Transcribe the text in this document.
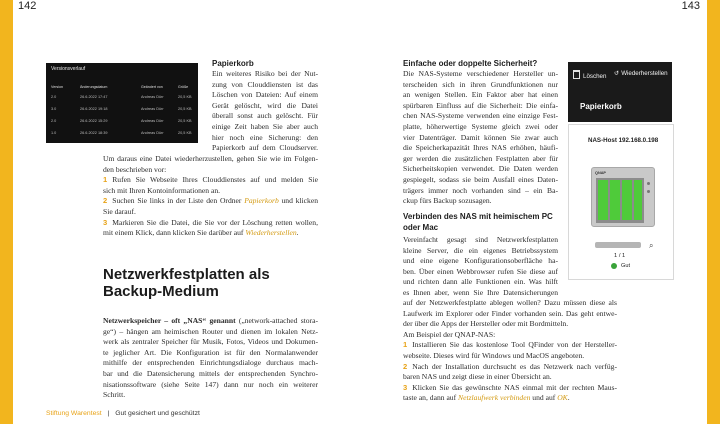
142
Versionsverlauf
Version	Änderungsdatum	Geändert von	Größe
2.0	26.6.2022 17:47	Andreas Dürr	20,5 KB
3.0	26.6.2022 19:18	Andreas Dürr	20,5 KB
2.0	26.6.2022 15:29	Andreas Dürr	20,5 KB
1.0	26.6.2022 18:39	Andreas Dürr	20,5 KB
Papierkorb

Ein weiteres Risiko bei der Nut-

zung von Clouddiensten ist das

Löschen von Dateien: Auf einem

Gerät gelöscht, wird die Datei

überall sonst auch gelöscht. Für

einige Zeit haben Sie aber auch

hier noch eine Sicherung: den

Papierkorb auf dem Cloudserver.

Um daraus eine Datei wiederherzustellen, gehen Sie wie im Folgen-

den beschrieben vor:

1 Rufen Sie Webseite Ihres Clouddienstes auf und melden Sie

sich mit Ihren Kontoinformationen an.

2 Suchen Sie links in der Liste den Ordner Papierkorb und klicken

Sie darauf.

3 Markieren Sie die Datei, die Sie vor der Löschung retten wollen,

mit einem Klick, dann klicken Sie darüber auf Wiederherstellen.

Netzwerkfestplatten als
Backup-Medium

Netzwerkspeicher – oft „NAS“ genannt („network-attached stora-

ge“) – hängen am heimischen Router und dienen im lokalen Netz-

werk als zentraler Speicher für Musik, Fotos, Videos und Dokumen-

te jeglicher Art. Die Konfiguration ist für den Normalanwender

mithilfe der entsprechenden Einrichtungsdialoge durchaus mach-

bar und die Datensicherung mittels der entsprechenden Synchro-

nisationssoftware (siehe Seite 147) dann nur noch ein weiterer

Schritt.

Stiftung Warentest | Gut gesichert und geschützt
143
Einfache oder doppelte Sicherheit?

Die NAS-Systeme verschiedener Hersteller un-

terscheiden sich in ihren Grundfunktionen nur

an wenigen Stellen. Ein Faktor aber hat einen

spürbaren Einfluss auf die Sicherheit: Die einfa-

chen NAS-Systeme verwenden eine einzige Fest-

platte, höherwertige Systeme gleich zwei oder

vier Datenträger. Damit können Sie zwar auch

die Speicherkapazität Ihres NAS erhöhen, häufi-

ger werden die zusätzlichen Festplatten aber für

Sicherheitskopien verwendet. Die Daten werden

gespiegelt, sodass sie beim Ausfall eines Daten-

trägers immer noch vorhanden sind – ein Ba-

ckup fürs Backup sozusagen.

Verbinden des NAS mit heimischem PC
oder Mac

Vereinfacht gesagt sind Netzwerkfestplatten

kleine Server, die ein eigenes Betriebssystem

und eine eigene Konfigurationsoberfläche ha-

ben. Über einen Webbrowser rufen Sie diese auf

und richten dann alle Funktionen ein. Was hilft

es Ihnen aber, wenn Sie Ihre Datensicherungen

auf der Netzwerkfestplatte ablegen wollen? Dazu müssen diese als

Laufwerk im Explorer oder Finder vorhanden sein. Das geht entwe-

der über die Apps der Hersteller oder mit Bordmitteln.

Am Beispiel der QNAP-NAS:

1 Installieren Sie das kostenlose Tool QFinder von der Hersteller-

webseite. Dieses wird für Windows und MacOS angeboten.

2 Nach der Installation durchsucht es das Netzwerk nach verfüg-

baren NAS und zeigt diese in einer Übersicht an.

3 Klicken Sie das gewünschte NAS einmal mit der rechten Maus-

taste an, dann auf Netzlaufwerk verbinden und auf OK.

Löschen ↺ Wiederherstellen
Papierkorb
NAS-Host 192.168.0.198
QNAP
⌕
1 / 1
Gut
